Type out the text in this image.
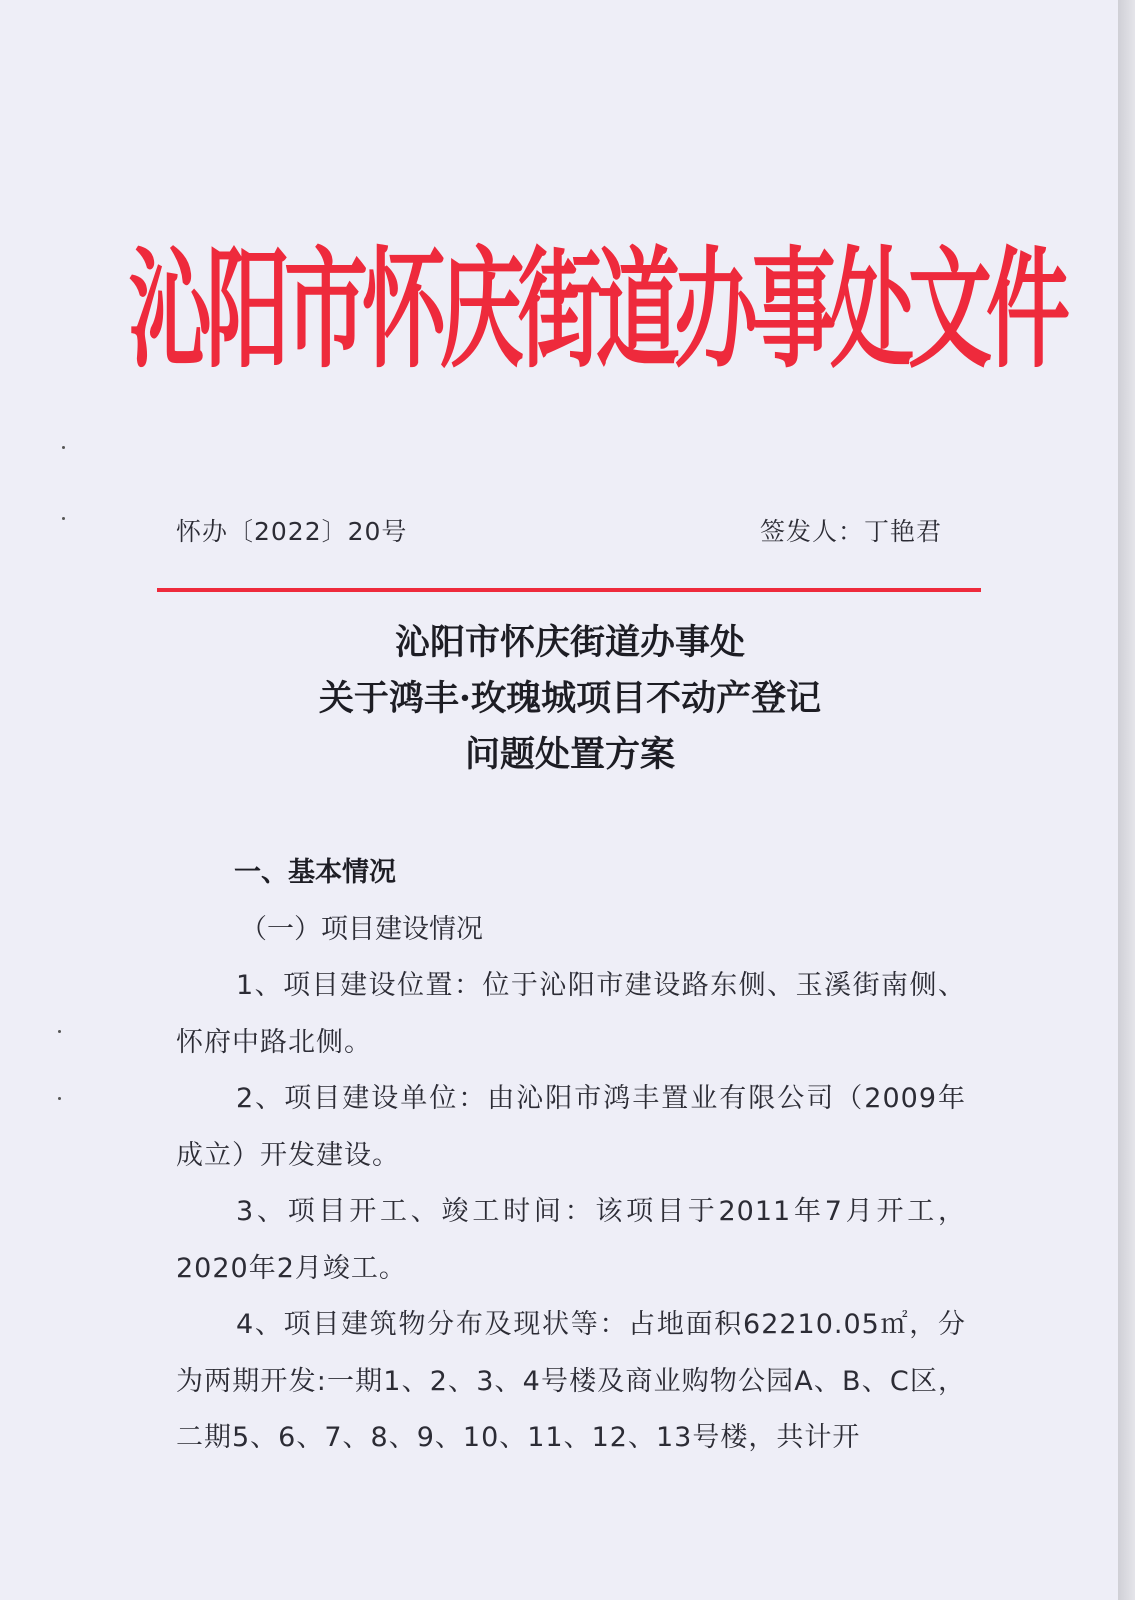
沁阳市怀庆街道办事处文件
怀办〔2022〕20号	签发人：丁艳君
沁阳市怀庆街道办事处
关于鸿丰·玫瑰城项目不动产登记
问题处置方案

一、基本情况

（一）项目建设情况

1、项目建设位置：位于沁阳市建设路东侧、玉溪街南侧、怀府中路北侧。

2、项目建设单位：由沁阳市鸿丰置业有限公司（2009年成立）开发建设。

3、项目开工、竣工时间：该项目于2011年7月开工，2020年2月竣工。

4、项目建筑物分布及现状等：占地面积62210.05㎡，分为两期开发:一期1、2、3、4号楼及商业购物公园A、B、C区，二期5、6、7、8、9、10、11、12、13号楼，共计开
